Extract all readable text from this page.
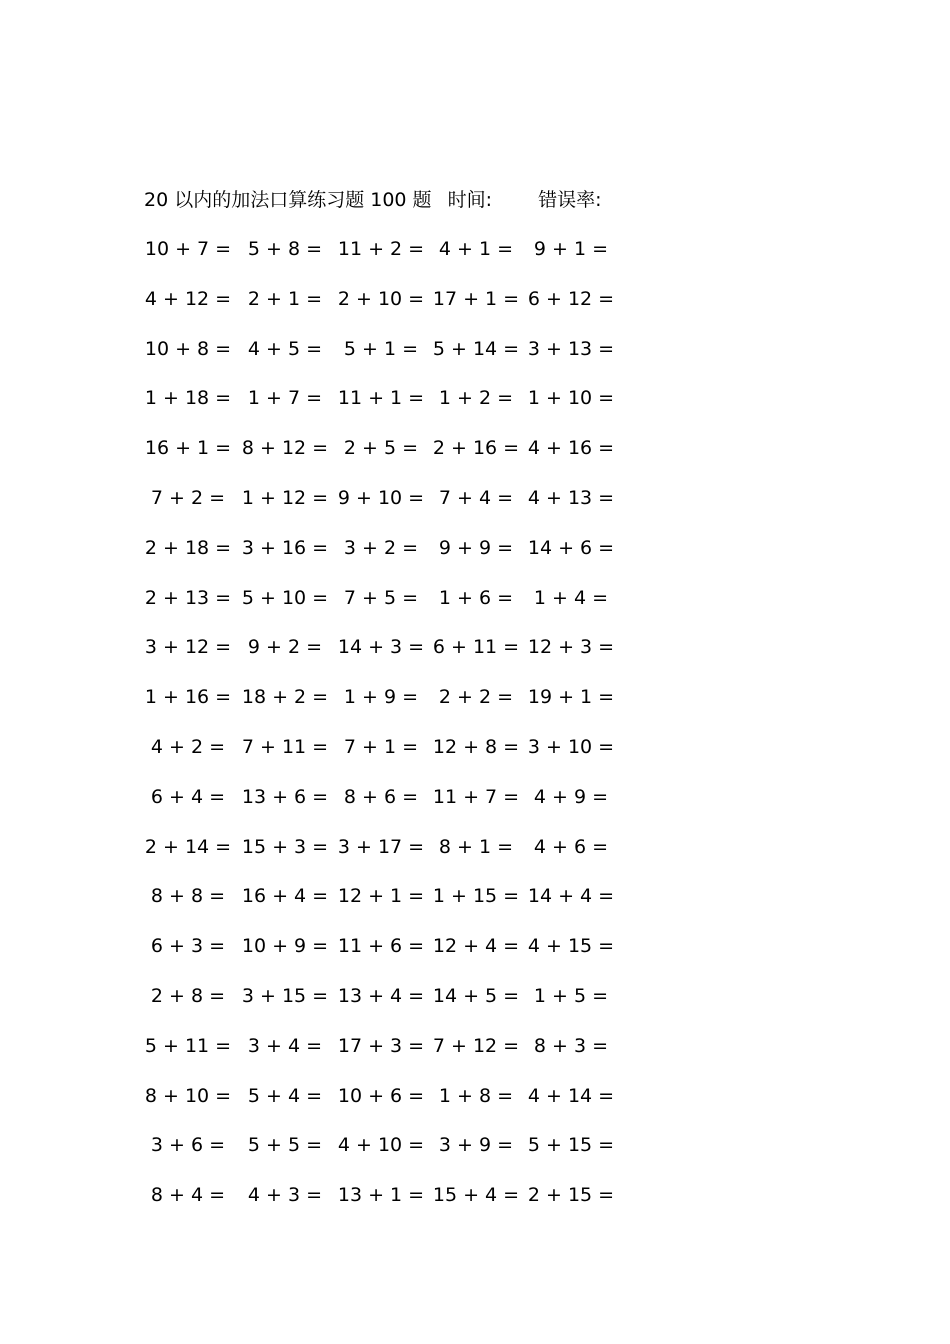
20 以内的加法口算练习题 100 题 时间: 错误率:
10 + 7 = 5 + 8 = 11 + 2 = 4 + 1 =	9 + 1 =
4 + 12 = 2 + 1 = 2 + 10 = 17 + 1 = 6 + 12 =
10 + 8 = 4 + 5 =	5 + 1 = 5 + 14 = 3 + 13 =
1 + 18 = 1 + 7 = 11 + 1 = 1 + 2 = 1 + 10 =
16 + 1 = 8 + 12 = 2 + 5 = 2 + 16 = 4 + 16 =
7 + 2 = 1 + 12 = 9 + 10 = 7 + 4 = 4 + 13 =
2 + 18 = 3 + 16 = 3 + 2 =	9 + 9 = 14 + 6 =
2 + 13 = 5 + 10 = 7 + 5 =	1 + 6 =	1 + 4 =
3 + 12 = 9 + 2 = 14 + 3 = 6 + 11 = 12 + 3 =
1 + 16 = 18 + 2 = 1 + 9 =	2 + 2 = 19 + 1 =
4 + 2 = 7 + 11 = 7 + 1 = 12 + 8 = 3 + 10 =
6 + 4 = 13 + 6 = 8 + 6 = 11 + 7 = 4 + 9 =
2 + 14 = 15 + 3 = 3 + 17 = 8 + 1 =	4 + 6 =
8 + 8 = 16 + 4 = 12 + 1 = 1 + 15 = 14 + 4 =
6 + 3 = 10 + 9 = 11 + 6 = 12 + 4 = 4 + 15 =
2 + 8 = 3 + 15 = 13 + 4 = 14 + 5 = 1 + 5 =
5 + 11 = 3 + 4 = 17 + 3 = 7 + 12 = 8 + 3 =
8 + 10 = 5 + 4 = 10 + 6 = 1 + 8 = 4 + 14 =
3 + 6 =	5 + 5 = 4 + 10 = 3 + 9 = 5 + 15 =
8 + 4 =	4 + 3 = 13 + 1 = 15 + 4 = 2 + 15 =
